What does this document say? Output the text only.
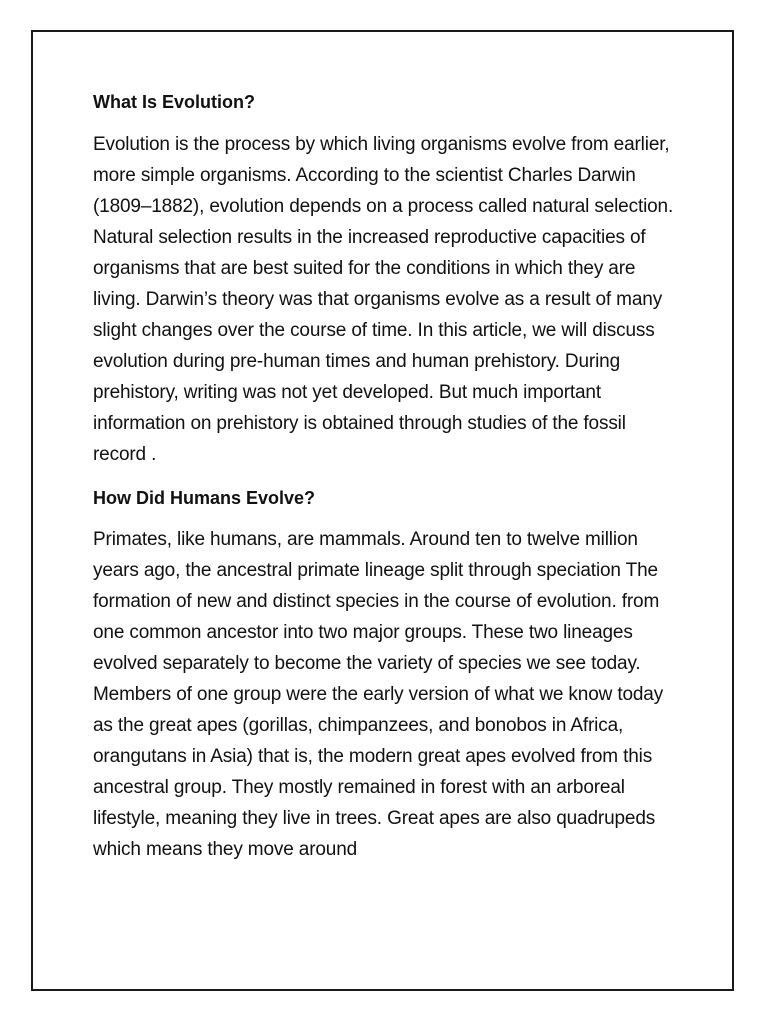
What Is Evolution?

Evolution is the process by which living organisms evolve from earlier, more simple organisms. According to the scientist Charles Darwin (1809–1882), evolution depends on a process called natural selection. Natural selection results in the increased reproductive capacities of organisms that are best suited for the conditions in which they are living. Darwin’s theory was that organisms evolve as a result of many slight changes over the course of time. In this article, we will discuss evolution during pre-human times and human prehistory. During prehistory, writing was not yet developed. But much important information on prehistory is obtained through studies of the fossil record .

How Did Humans Evolve?

Primates, like humans, are mammals. Around ten to twelve million years ago, the ancestral primate lineage split through speciation The formation of new and distinct species in the course of evolution. from one common ancestor into two major groups. These two lineages evolved separately to become the variety of species we see today. Members of one group were the early version of what we know today as the great apes (gorillas, chimpanzees, and bonobos in Africa, orangutans in Asia) that is, the modern great apes evolved from this ancestral group. They mostly remained in forest with an arboreal lifestyle, meaning they live in trees. Great apes are also quadrupeds which means they move around
